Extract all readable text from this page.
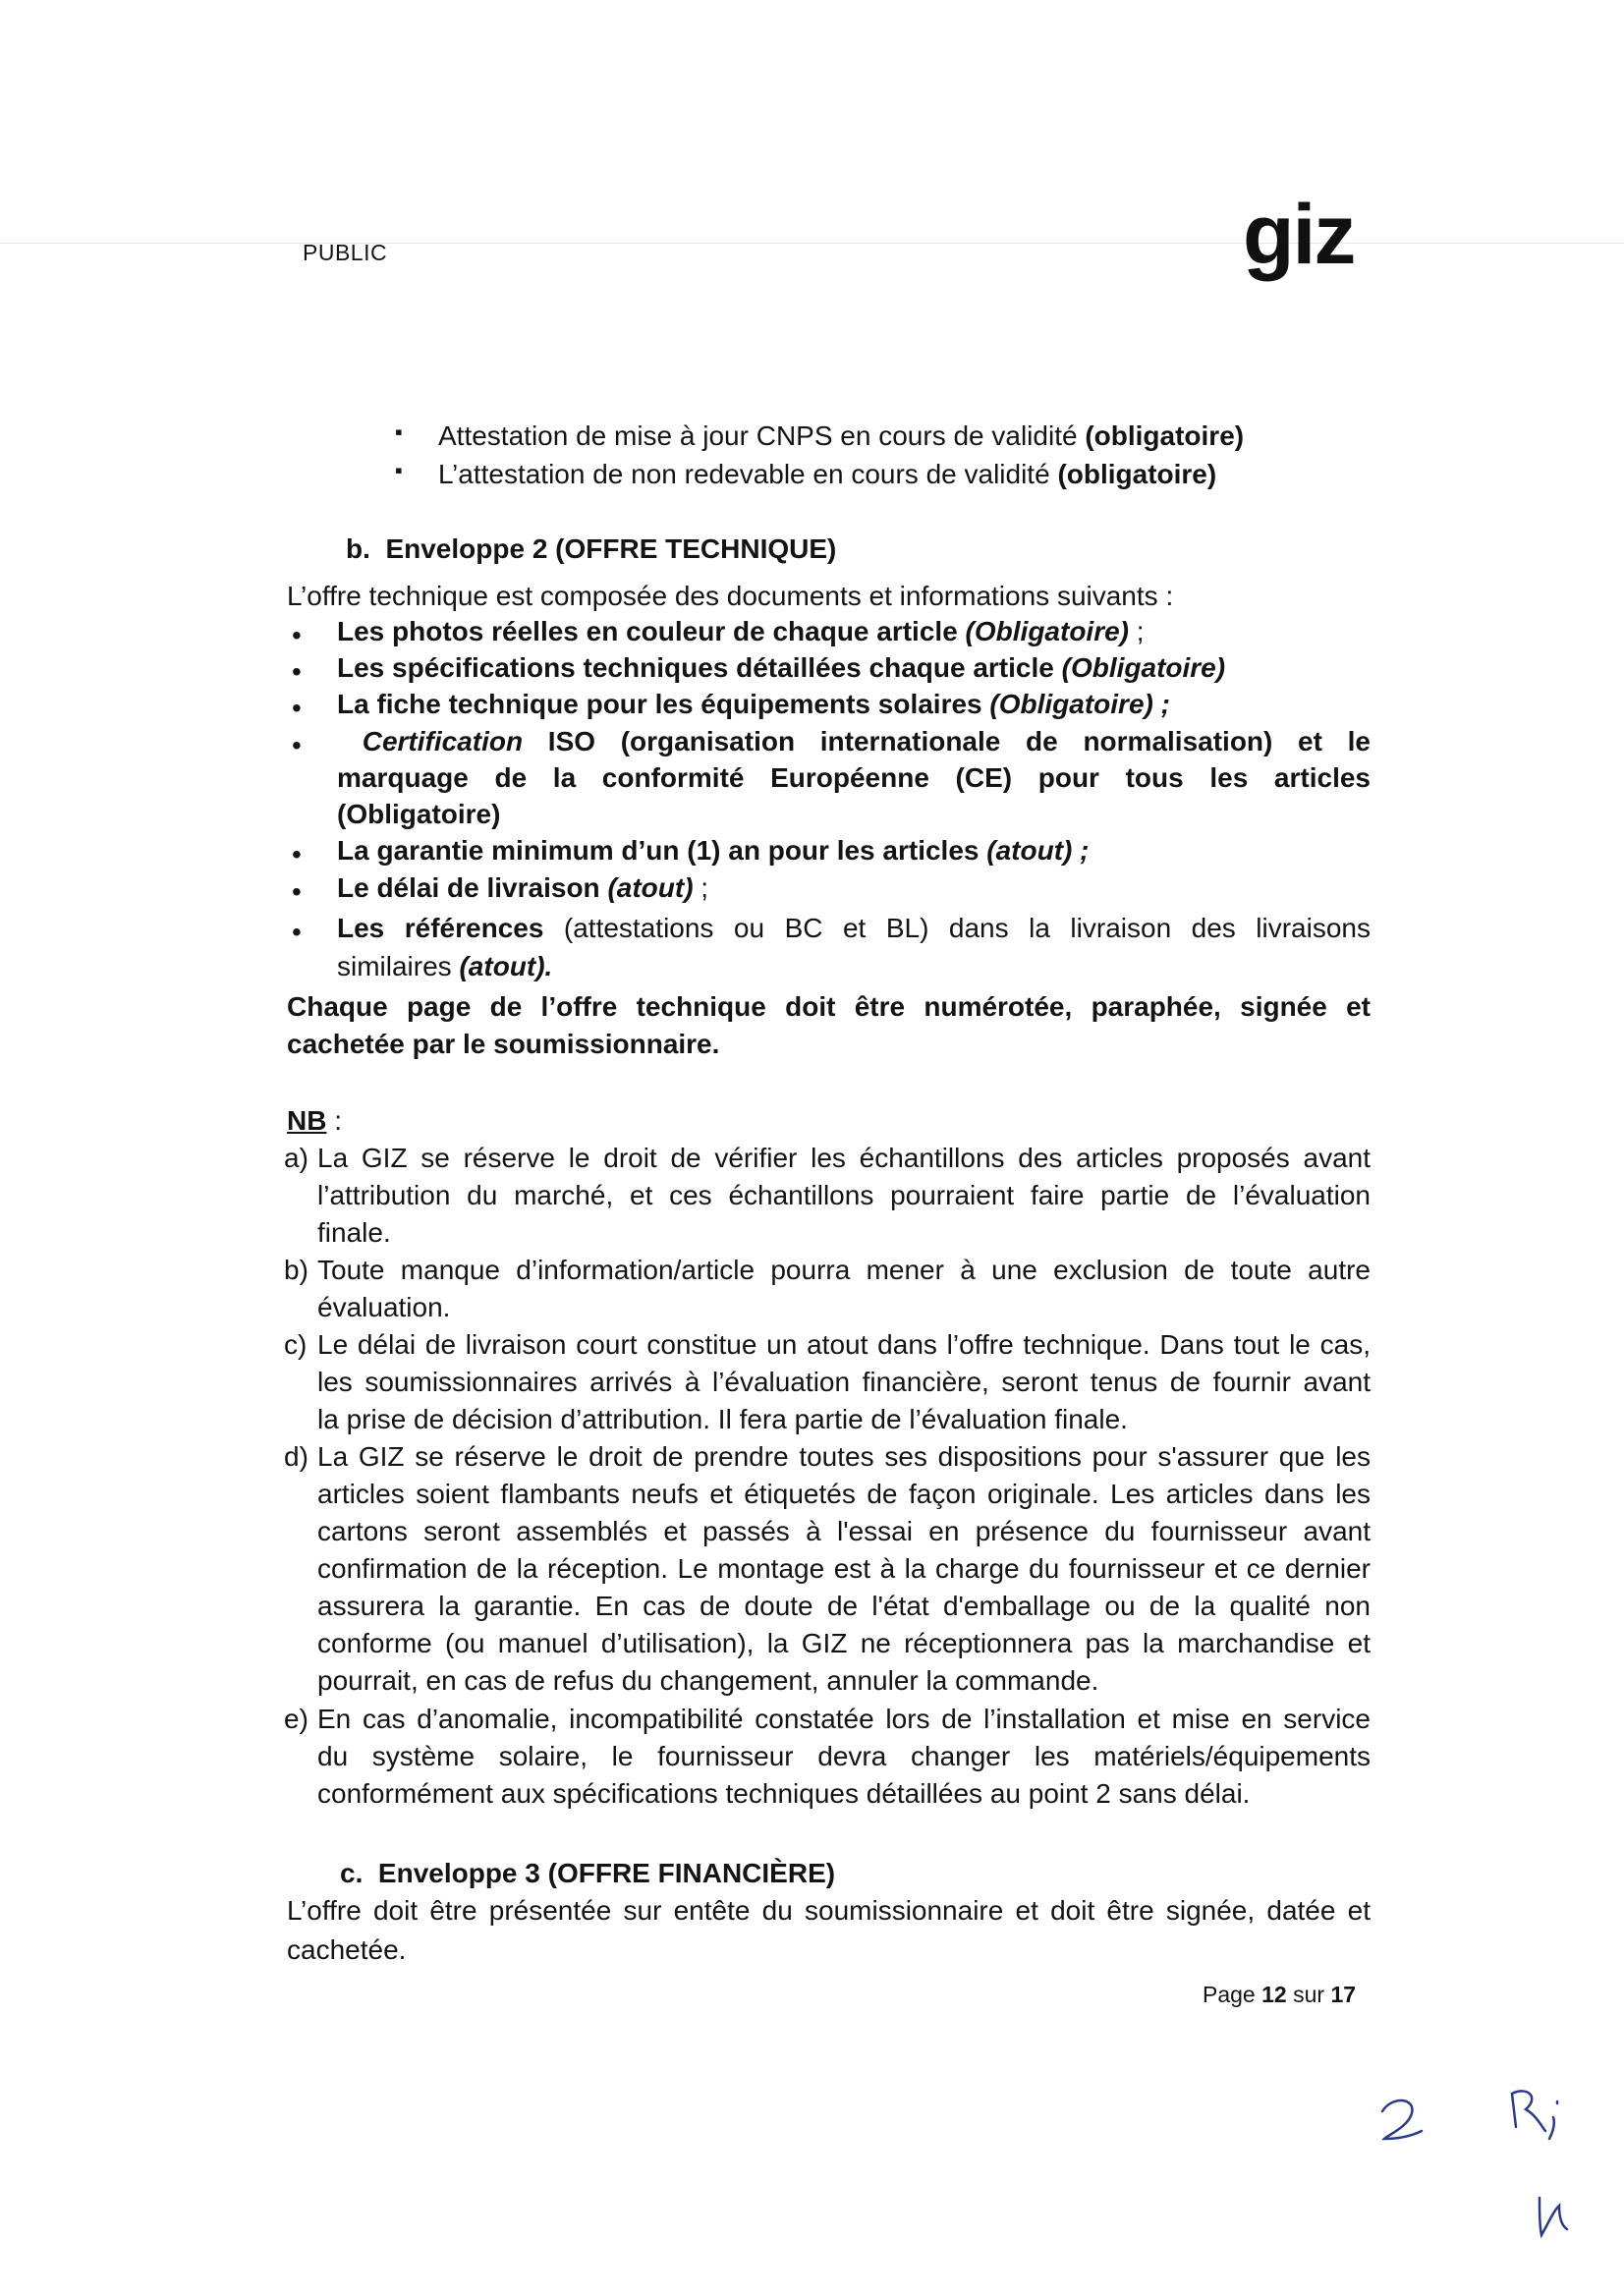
PUBLIC	giz
▪ Attestation de mise à jour CNPS en cours de validité (obligatoire)
▪ L’attestation de non redevable en cours de validité (obligatoire)
b. Enveloppe 2 (OFFRE TECHNIQUE)
L’offre technique est composée des documents et informations suivants :
• Les photos réelles en couleur de chaque article (Obligatoire) ;
• Les spécifications techniques détaillées chaque article (Obligatoire)
• La fiche technique pour les équipements solaires (Obligatoire) ;
•	Certification ISO (organisation internationale de normalisation) et le
marquage de la conformité Européenne (CE) pour tous les articles
(Obligatoire)
• La garantie minimum d’un (1) an pour les articles (atout) ;
• Le délai de livraison (atout) ;
• Les références (attestations ou BC et BL) dans la livraison des livraisons
similaires (atout).
Chaque page de l’offre technique doit être numérotée, paraphée, signée et
cachetée par le soumissionnaire.
NB :
a) La GIZ se réserve le droit de vérifier les échantillons des articles proposés avant
l’attribution du marché, et ces échantillons pourraient faire partie de l’évaluation
finale.
b) Toute manque d’information/article pourra mener à une exclusion de toute autre
évaluation.
c) Le délai de livraison court constitue un atout dans l’offre technique. Dans tout le cas,
les soumissionnaires arrivés à l’évaluation financière, seront tenus de fournir avant
la prise de décision d’attribution. Il fera partie de l’évaluation finale.
d) La GIZ se réserve le droit de prendre toutes ses dispositions pour s'assurer que les
articles soient flambants neufs et étiquetés de façon originale. Les articles dans les
cartons seront assemblés et passés à l'essai en présence du fournisseur avant
confirmation de la réception. Le montage est à la charge du fournisseur et ce dernier
assurera la garantie. En cas de doute de l'état d'emballage ou de la qualité non
conforme (ou manuel d’utilisation), la GIZ ne réceptionnera pas la marchandise et
pourrait, en cas de refus du changement, annuler la commande.
e) En cas d’anomalie, incompatibilité constatée lors de l’installation et mise en service
du système solaire, le fournisseur devra changer les matériels/équipements
conformément aux spécifications techniques détaillées au point 2 sans délai.
c. Enveloppe 3 (OFFRE FINANCIÈRE)
L’offre doit être présentée sur entête du soumissionnaire et doit être signée, datée et
cachetée.
Page 12 sur 17
